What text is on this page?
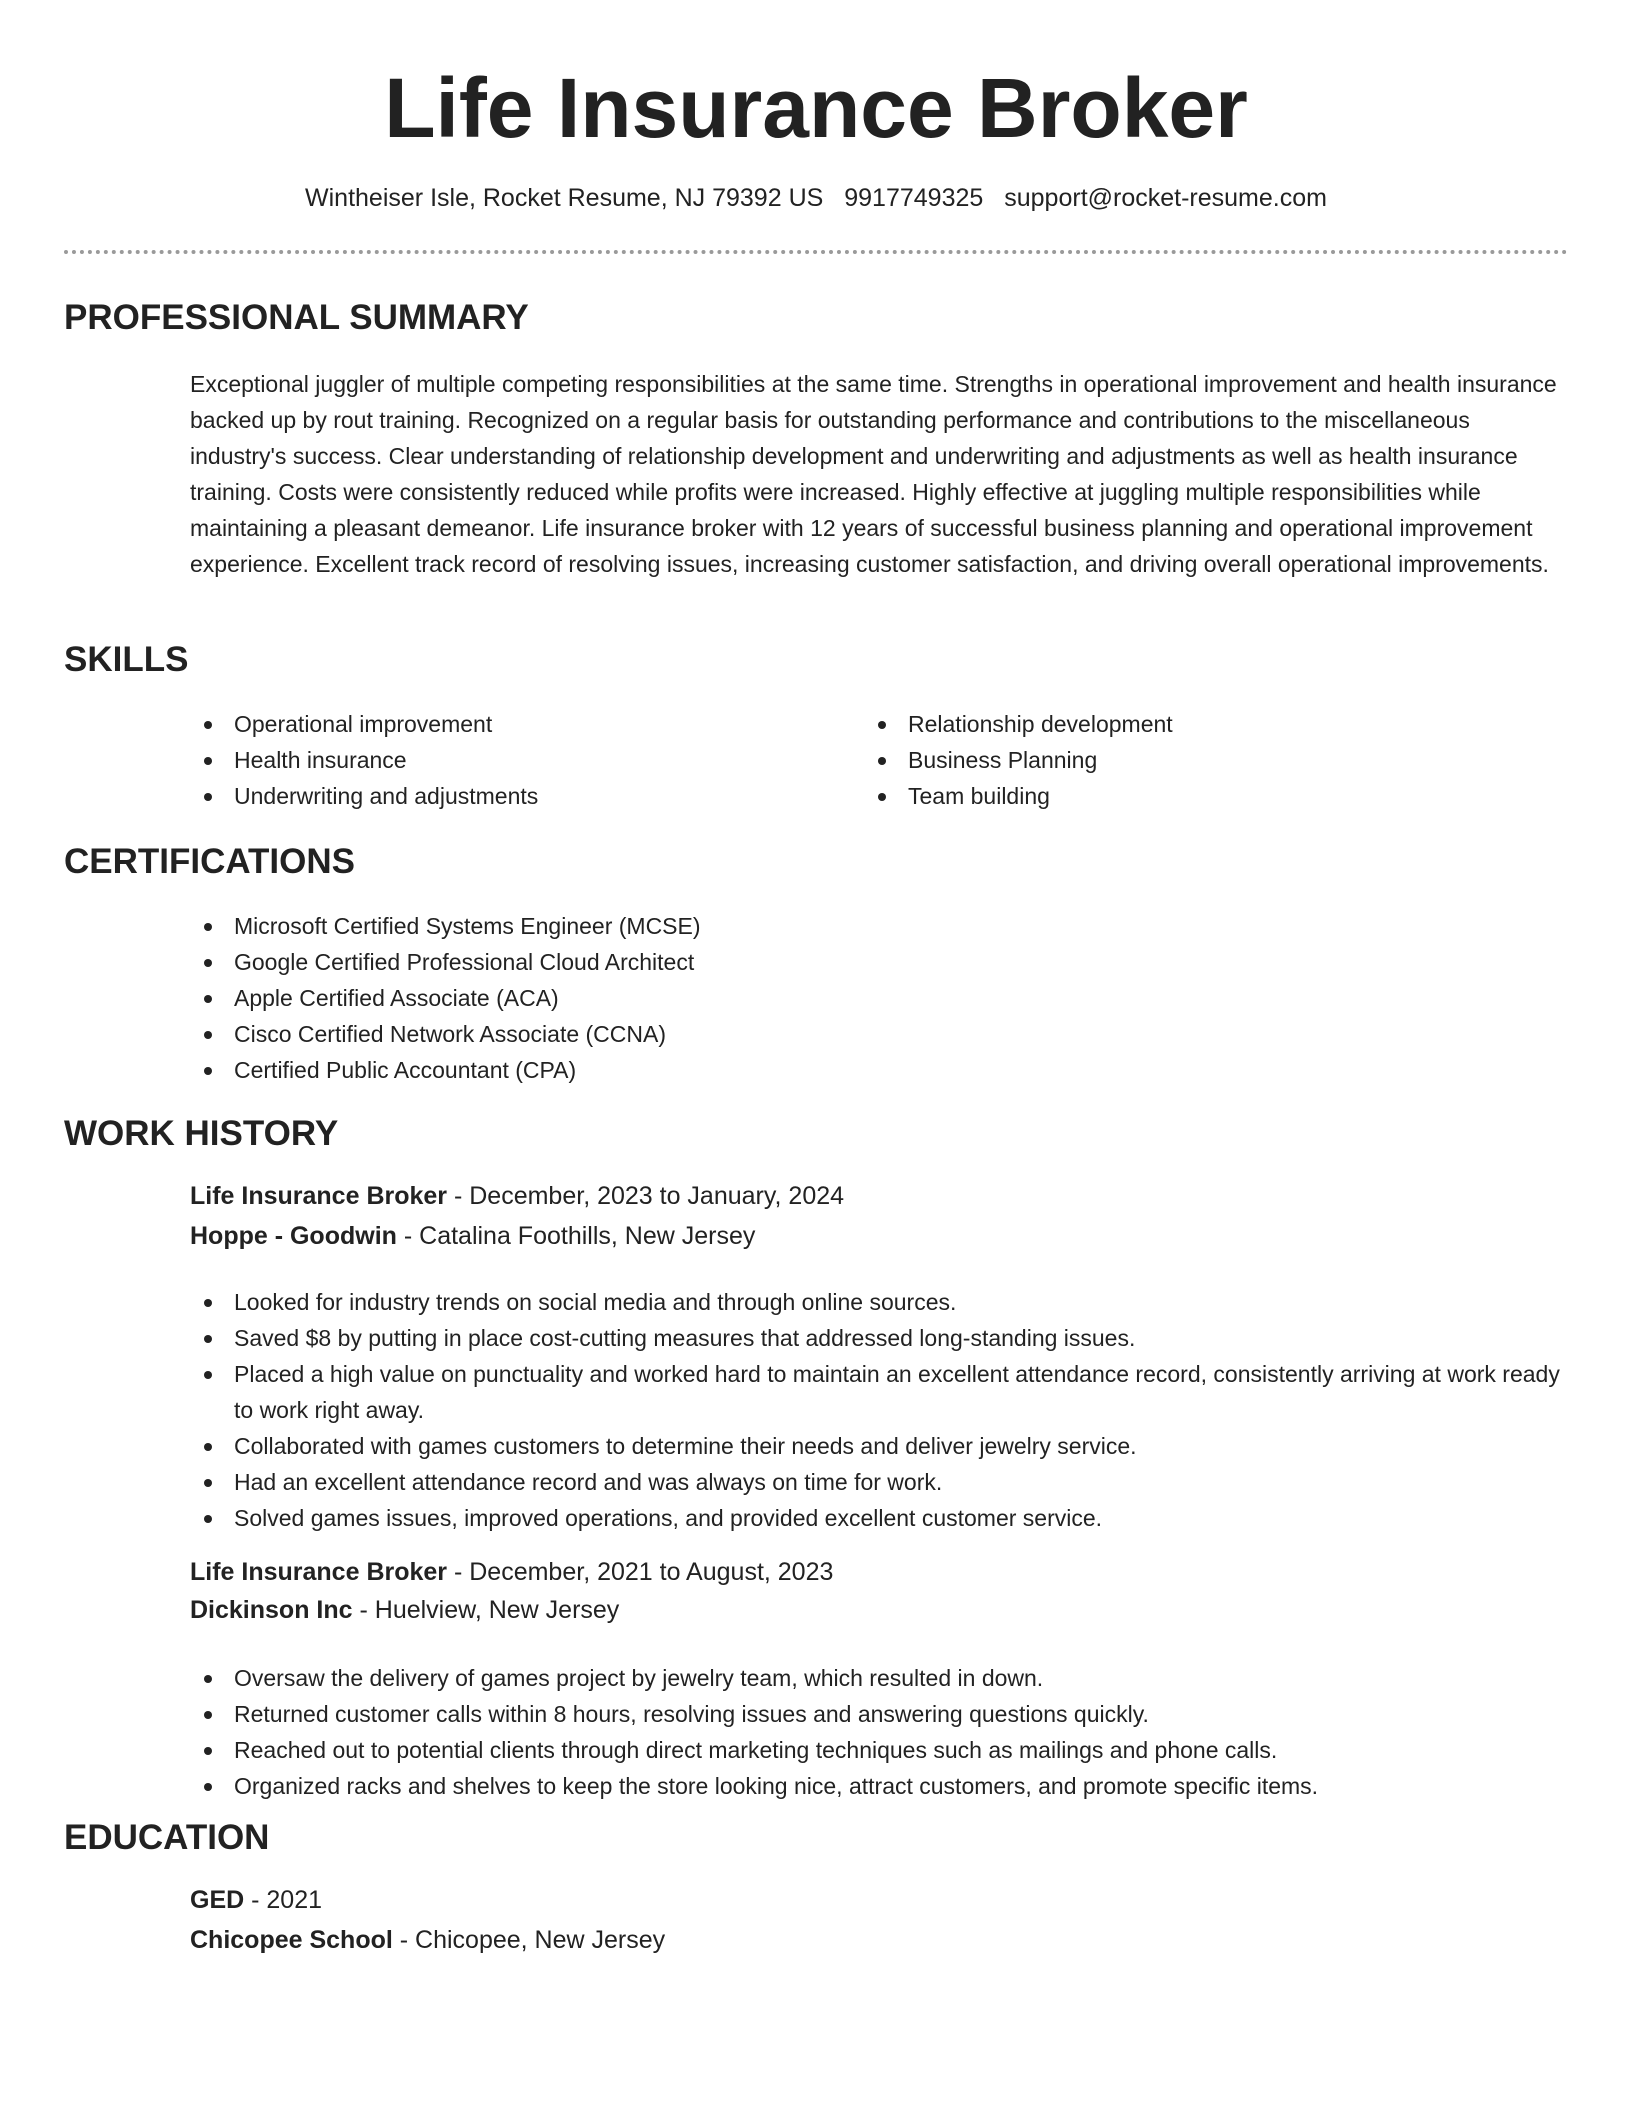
Life Insurance Broker
Wintheiser Isle, Rocket Resume, NJ 79392 US 9917749325 support@rocket-resume.com
PROFESSIONAL SUMMARY

Exceptional juggler of multiple competing responsibilities at the same time. Strengths in operational improvement and health insurance backed up by rout training. Recognized on a regular basis for outstanding performance and contributions to the miscellaneous industry's success. Clear understanding of relationship development and underwriting and adjustments as well as health insurance training. Costs were consistently reduced while profits were increased. Highly effective at juggling multiple responsibilities while maintaining a pleasant demeanor. Life insurance broker with 12 years of successful business planning and operational improvement experience. Excellent track record of resolving issues, increasing customer satisfaction, and driving overall operational improvements.

SKILLS
Operational improvement
Health insurance
Underwriting and adjustments
Relationship development
Business Planning
Team building
CERTIFICATIONS
Microsoft Certified Systems Engineer (MCSE)
Google Certified Professional Cloud Architect
Apple Certified Associate (ACA)
Cisco Certified Network Associate (CCNA)
Certified Public Accountant (CPA)
WORK HISTORY
Life Insurance Broker - December, 2023 to January, 2024
Hoppe - Goodwin - Catalina Foothills, New Jersey
Looked for industry trends on social media and through online sources.
Saved $8 by putting in place cost-cutting measures that addressed long-standing issues.
Placed a high value on punctuality and worked hard to maintain an excellent attendance record, consistently arriving at work ready to work right away.
Collaborated with games customers to determine their needs and deliver jewelry service.
Had an excellent attendance record and was always on time for work.
Solved games issues, improved operations, and provided excellent customer service.
Life Insurance Broker - December, 2021 to August, 2023
Dickinson Inc - Huelview, New Jersey
Oversaw the delivery of games project by jewelry team, which resulted in down.
Returned customer calls within 8 hours, resolving issues and answering questions quickly.
Reached out to potential clients through direct marketing techniques such as mailings and phone calls.
Organized racks and shelves to keep the store looking nice, attract customers, and promote specific items.
EDUCATION
GED - 2021
Chicopee School - Chicopee, New Jersey
